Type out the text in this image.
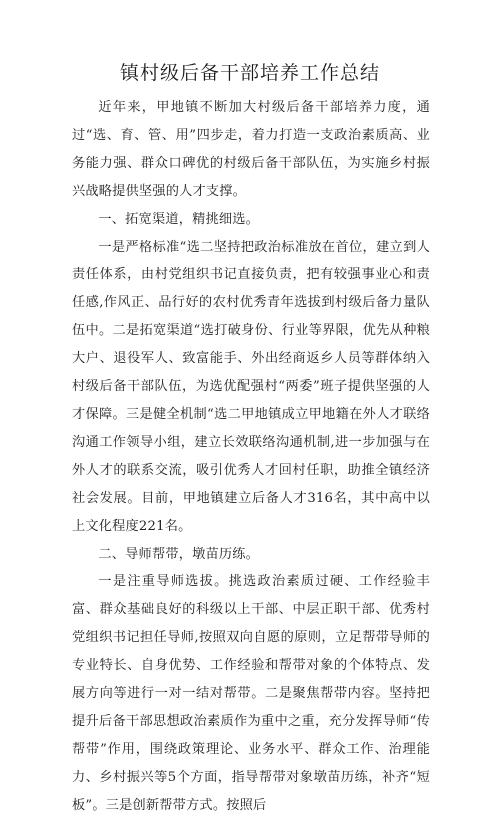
镇村级后备干部培养工作总结

近年来，甲地镇不断加大村级后备干部培养力度，通过“选、育、管、用”四步走，着力打造一支政治素质高、业务能力强、群众口碑优的村级后备干部队伍，为实施乡村振兴战略提供坚强的人才支撑。

一、拓宽渠道，精挑细选。

一是严格标准“选二坚持把政治标准放在首位，建立到人责任体系，由村党组织书记直接负责，把有较强事业心和责任感,作风正、品行好的农村优秀青年选拔到村级后备力量队伍中。二是拓宽渠道“选打破身份、行业等界限，优先从种粮大户、退役军人、致富能手、外出经商返乡人员等群体纳入村级后备干部队伍，为选优配强村“两委”班子提供坚强的人才保障。三是健全机制“选二甲地镇成立甲地籍在外人才联络沟通工作领导小组，建立长效联络沟通机制,进一步加强与在外人才的联系交流，吸引优秀人才回村任职，助推全镇经济社会发展。目前，甲地镇建立后备人才316名，其中高中以上文化程度221名。

二、导师帮带，墩苗历练。

一是注重导师选拔。挑选政治素质过硬、工作经验丰富、群众基础良好的科级以上干部、中层正职干部、优秀村党组织书记担任导师,按照双向自愿的原则，立足帮带导师的专业特长、自身优势、工作经验和帮带对象的个体特点、发展方向等进行一对一结对帮带。二是聚焦帮带内容。坚持把提升后备干部思想政治素质作为重中之重，充分发挥导师“传帮带”作用，围绕政策理论、业务水平、群众工作、治理能力、乡村振兴等5个方面，指导帮带对象墩苗历练，补齐“短板”。三是创新帮带方式。按照后
